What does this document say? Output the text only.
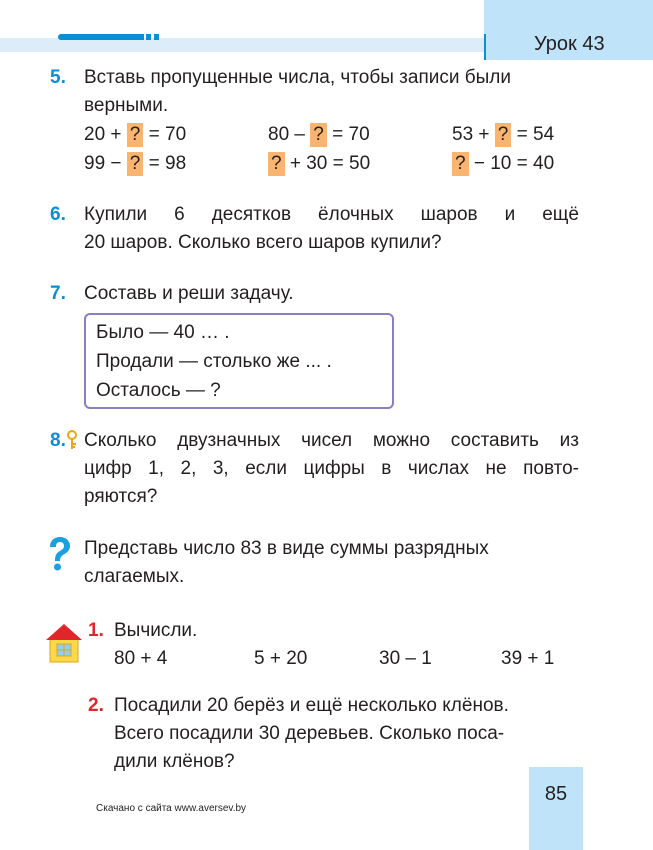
Урок 43
5. Вставь пропущенные числа, чтобы записи были
верными.
20 + ? = 70	80 – ? = 70	53 + ? = 54
99 − ? = 98	? + 30 = 50	? − 10 = 40
6. Купили 6 десятков ёлочных шаров и ещё
20 шаров. Сколько всего шаров купили?
7. Составь и реши задачу.
Было — 40 … .
Продали — столько же ... .
Осталось — ?
8. Сколько двузначных чисел можно составить из
цифр 1, 2, 3, если цифры в числах не повто-
ряются?
Представь число 83 в виде суммы разрядных
слагаемых.
1. Вычисли.
80 + 4	5 + 20	30 – 1	39 + 1
2. Посадили 20 берёз и ещё несколько клёнов.
Всего посадили 30 деревьев. Сколько поса-
дили клёнов?
85
Скачано с сайта www.aversev.by
